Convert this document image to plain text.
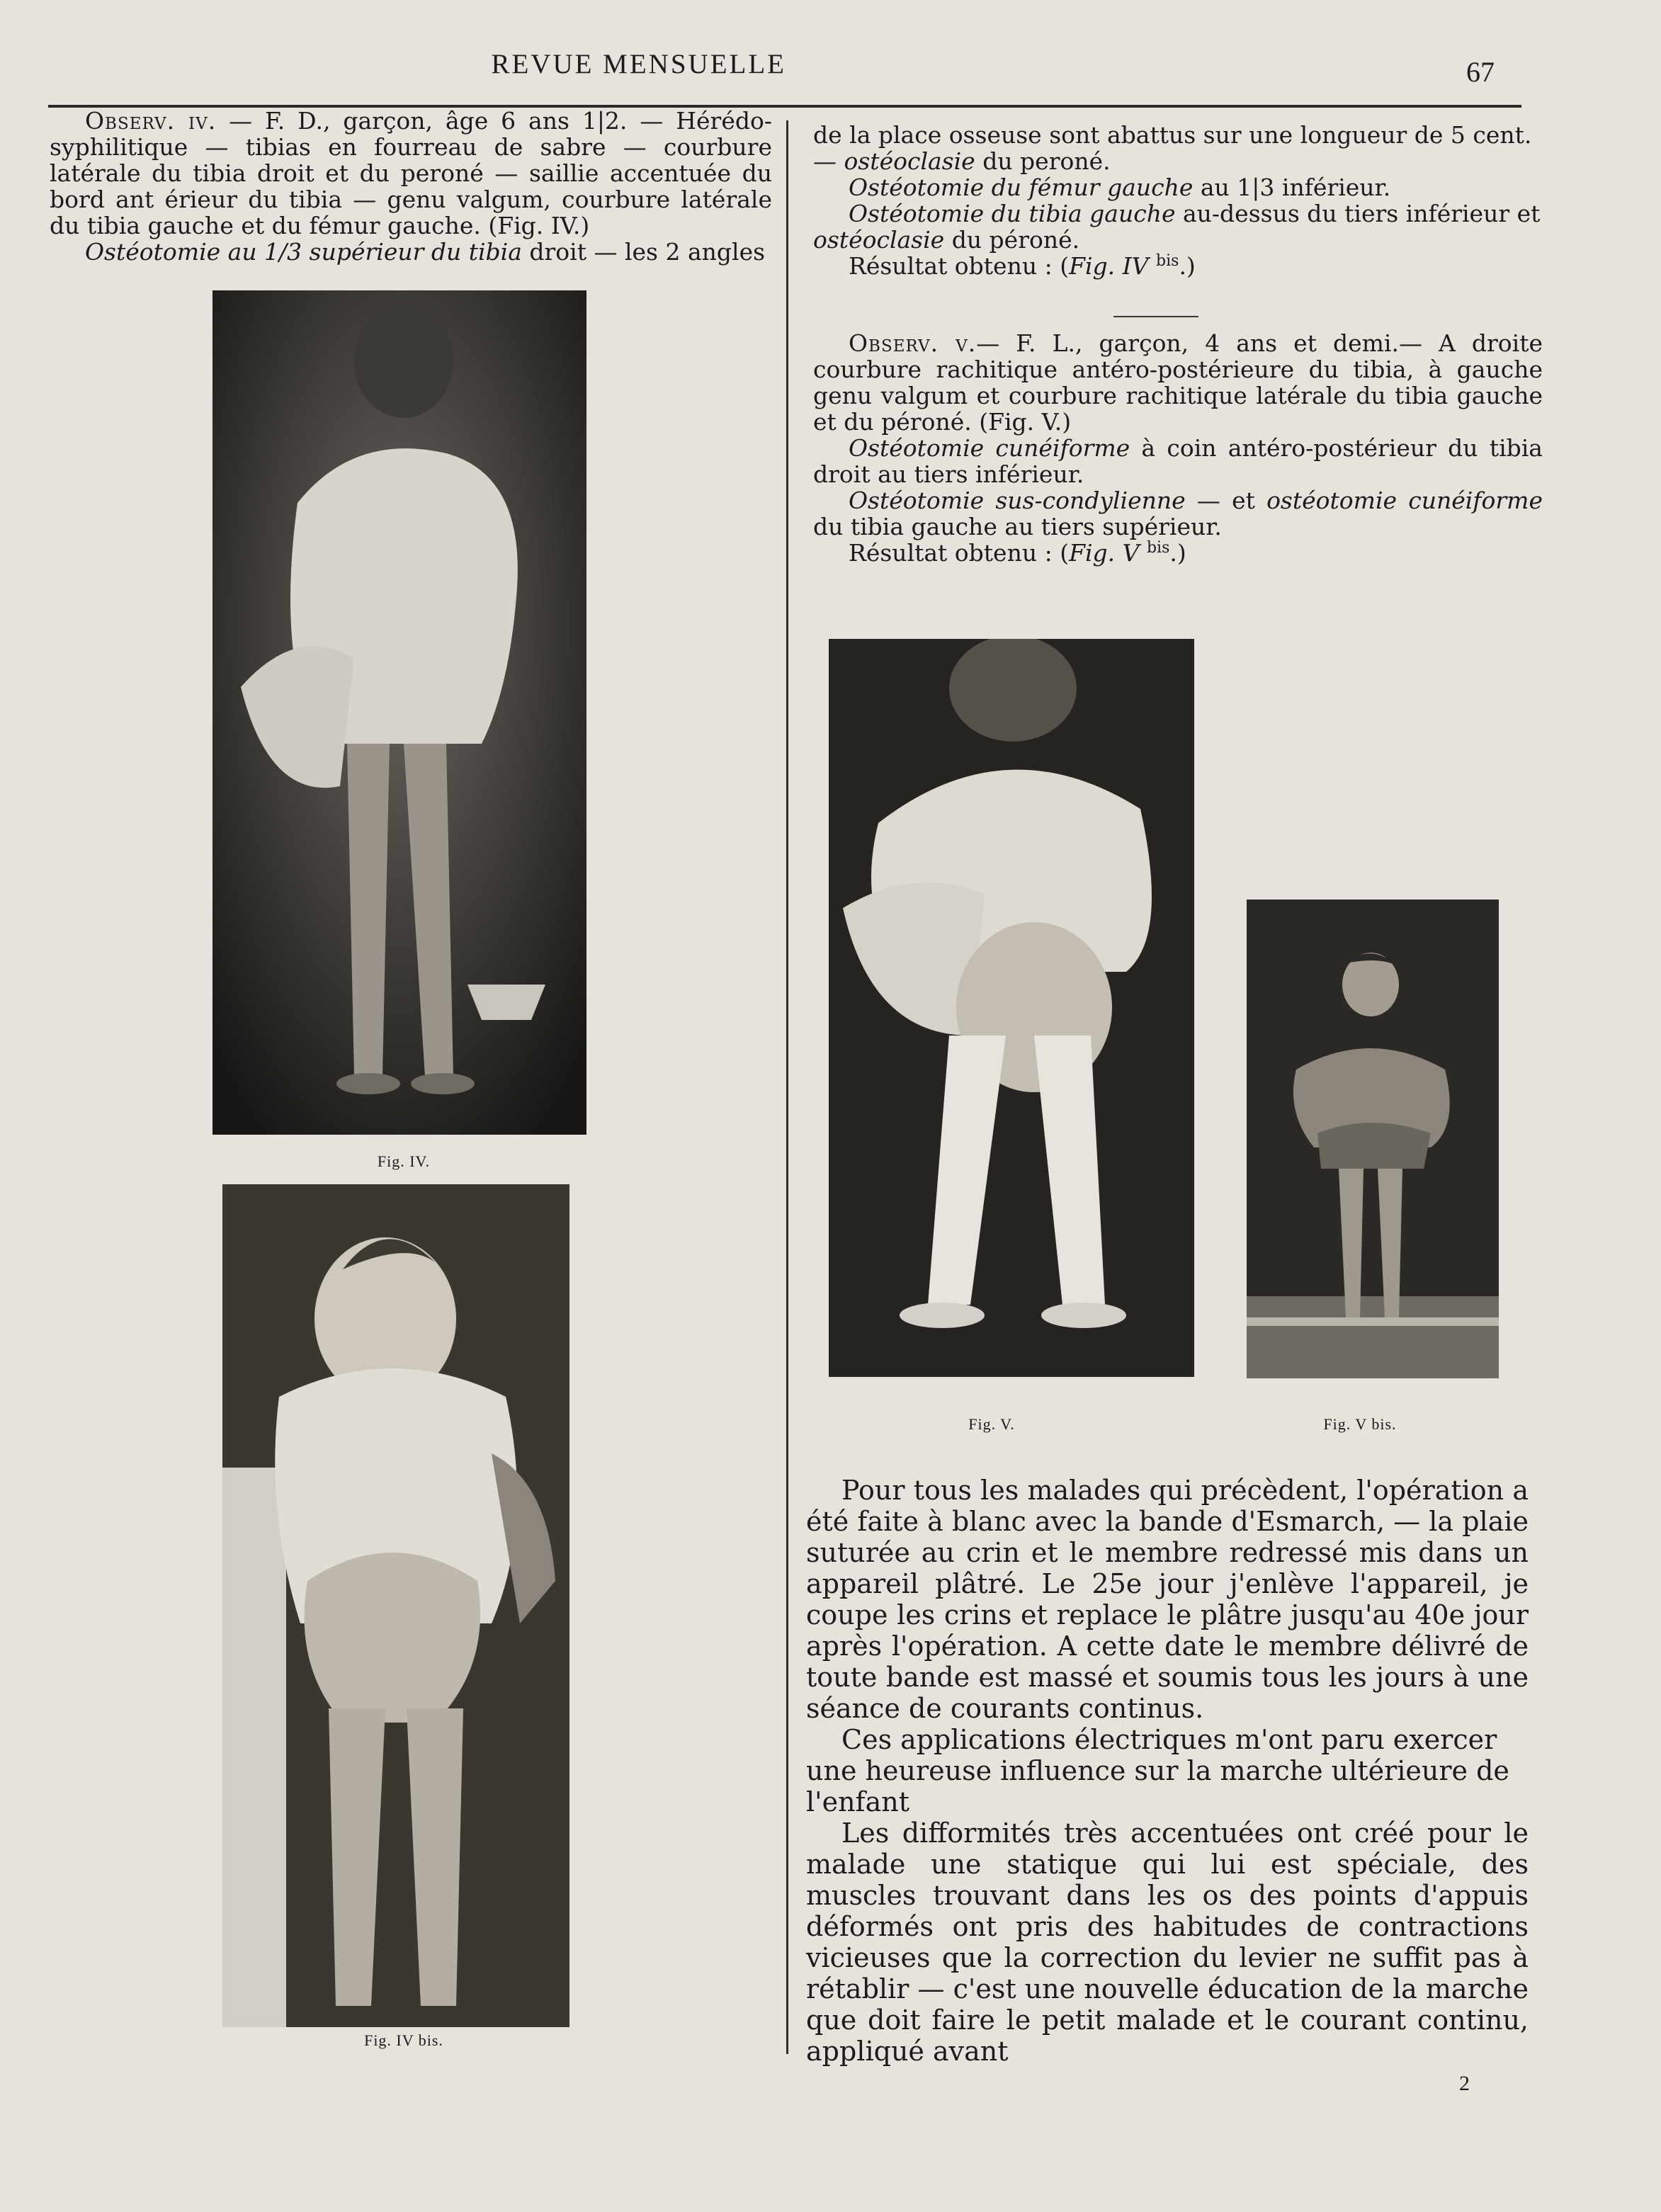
REVUE MENSUELLE	67

Observ. iv. — F. D., garçon, âge 6 ans 1|2. — Hérédo-syphilitique — tibias en fourreau de sabre — courbure latérale du tibia droit et du peroné — saillie accentuée du bord ant érieur du tibia — genu valgum, courbure latérale du tibia gauche et du fémur gauche. (Fig. IV.)

Ostéotomie au 1/3 supérieur du tibia droit — les 2 angles

Fig. IV.
Fig. IV bis.

de la place osseuse sont abattus sur une longueur de 5 cent.

— ostéoclasie du peroné.

Ostéotomie du fémur gauche au 1|3 inférieur.

Ostéotomie du tibia gauche au-dessus du tiers inférieur et

ostéoclasie du péroné.

Résultat obtenu : (Fig. IV $^{bis}$.)

Observ. v.— F. L., garçon, 4 ans et demi.— A droite courbure rachitique antéro-postérieure du tibia, à gauche genu valgum et courbure rachitique latérale du tibia gauche et du péroné. (Fig. V.)

Ostéotomie cunéiforme à coin antéro-postérieur du tibia droit au tiers inférieur.

Ostéotomie sus-condylienne — et ostéotomie cunéiforme du tibia gauche au tiers supérieur.

Résultat obtenu : (Fig. V $^{bis}$.)

Fig. V.	Fig. V bis.

Pour tous les malades qui précèdent, l'opération a été faite à blanc avec la bande d'Esmarch, — la plaie suturée au crin et le membre redressé mis dans un appareil plâtré. Le 25e jour j'enlève l'appareil, je coupe les crins et replace le plâtre jusqu'au 40e jour après l'opération. A cette date le membre délivré de toute bande est massé et soumis tous les jours à une séance de courants continus.

Ces applications électriques m'ont paru exercer une heureuse influence sur la marche ultérieure de l'enfant

Les difformités très accentuées ont créé pour le malade une statique qui lui est spéciale, des muscles trouvant dans les os des points d'appuis déformés ont pris des habitudes de contractions vicieuses que la correction du levier ne suffit pas à rétablir — c'est une nouvelle éducation de la marche que doit faire le petit malade et le courant continu, appliqué avant

2
